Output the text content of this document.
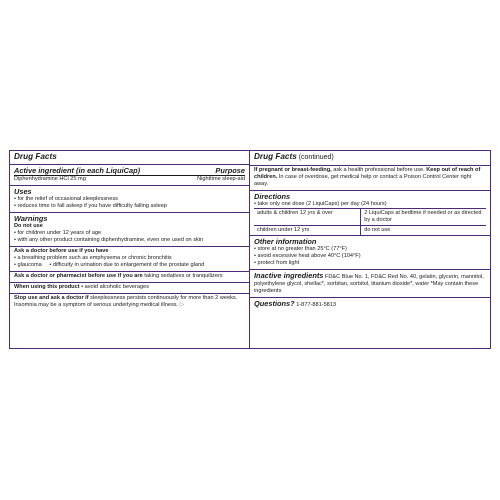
Drug Facts
Active ingredient (in each LiquiCap)	Purpose
Diphenhydramine HCl 25 mg	Nighttime sleep-aid
Uses
• for the relief of occasional sleeplessness
• reduces time to fall asleep if you have difficulty falling asleep
Warnings
Do not use
• for children under 12 years of age
• with any other product containing diphenhydramine, even one used on skin
Ask a doctor before use if you have
• a breathing problem such as emphysema or chronic bronchitis
• glaucoma • difficulty in urination due to enlargement of the prostate gland
Ask a doctor or pharmacist before use if you are taking sedatives or tranquilizers
When using this product • avoid alcoholic beverages
Stop use and ask a doctor if sleeplessness persists continuously for more than 2 weeks. Insomnia may be a symptom of serious underlying medical illness. ▷
Drug Facts (continued)
If pregnant or breast-feeding, ask a health professional before use. Keep out of reach of children. In case of overdose, get medical help or contact a Poison Control Center right away.
Directions
• take only one dose (2 LiquiCaps) per day (24 hours)
adults & children 12 yrs & over	2 LiquiCaps at bedtime if needed or as directed by a doctor
children under 12 yrs	do not use
Other information
• store at no greater than 25°C (77°F)
• avoid excessive heat above 40°C (104°F)
• protect from light
Inactive ingredients FD&C Blue No. 1, FD&C Red No. 40, gelatin, glycerin, mannitol, polyethylene glycol, shellac*, sorbitan, sorbitol, titanium dioxide*, water *May contain these ingredients
Questions? 1-877-881-5813
